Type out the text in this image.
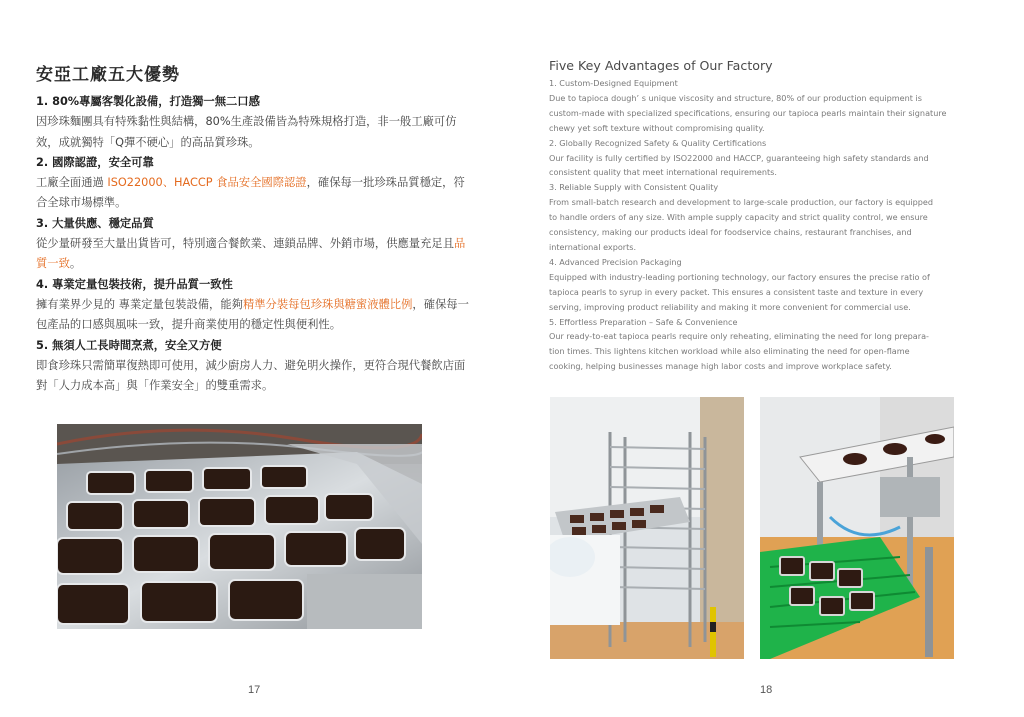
安亞工廠五大優勢
1. 80%專屬客製化設備，打造獨一無二口感
因珍珠麵團具有特殊黏性與結構，80%生產設備皆為特殊規格打造，非一般工廠可仿效，成就獨特「Q彈不硬心」的高品質珍珠。
2. 國際認證，安全可靠
工廠全面通過 ISO22000、HACCP 食品安全國際認證，確保每一批珍珠品質穩定，符合全球市場標準。
3. 大量供應、穩定品質
從少量研發至大量出貨皆可，特別適合餐飲業、連鎖品牌、外銷市場，供應量充足且品質一致。
4. 專業定量包裝技術，提升品質一致性
擁有業界少見的 專業定量包裝設備，能夠精準分裝每包珍珠與糖蜜液體比例，確保每一包產品的口感與風味一致，提升商業使用的穩定性與便利性。
5. 無須人工長時間烹煮，安全又方便
即食珍珠只需簡單復熱即可使用，減少廚房人力、避免明火操作，更符合現代餐飲店面對「人力成本高」與「作業安全」的雙重需求。
17
Five Key Advantages of Our Factory
1. Custom-Designed Equipment
Due to tapioca dough’ s unique viscosity and structure, 80% of our production equipment is
custom-made with specialized specifications, ensuring our tapioca pearls maintain their signature
chewy yet soft texture without compromising quality.
2. Globally Recognized Safety & Quality Certifications
Our facility is fully certified by ISO22000 and HACCP, guaranteeing high safety standards and
consistent quality that meet international requirements.
3. Reliable Supply with Consistent Quality
From small-batch research and development to large-scale production, our factory is equipped
to handle orders of any size. With ample supply capacity and strict quality control, we ensure
consistency, making our products ideal for foodservice chains, restaurant franchises, and
international exports.
4. Advanced Precision Packaging
Equipped with industry-leading portioning technology, our factory ensures the precise ratio of
tapioca pearls to syrup in every packet. This ensures a consistent taste and texture in every
serving, improving product reliability and making it more convenient for commercial use.
5. Effortless Preparation – Safe & Convenience
Our ready-to-eat tapioca pearls require only reheating, eliminating the need for long prepara-
tion times. This lightens kitchen workload while also eliminating the need for open-flame
cooking, helping businesses manage high labor costs and improve workplace safety.
18
